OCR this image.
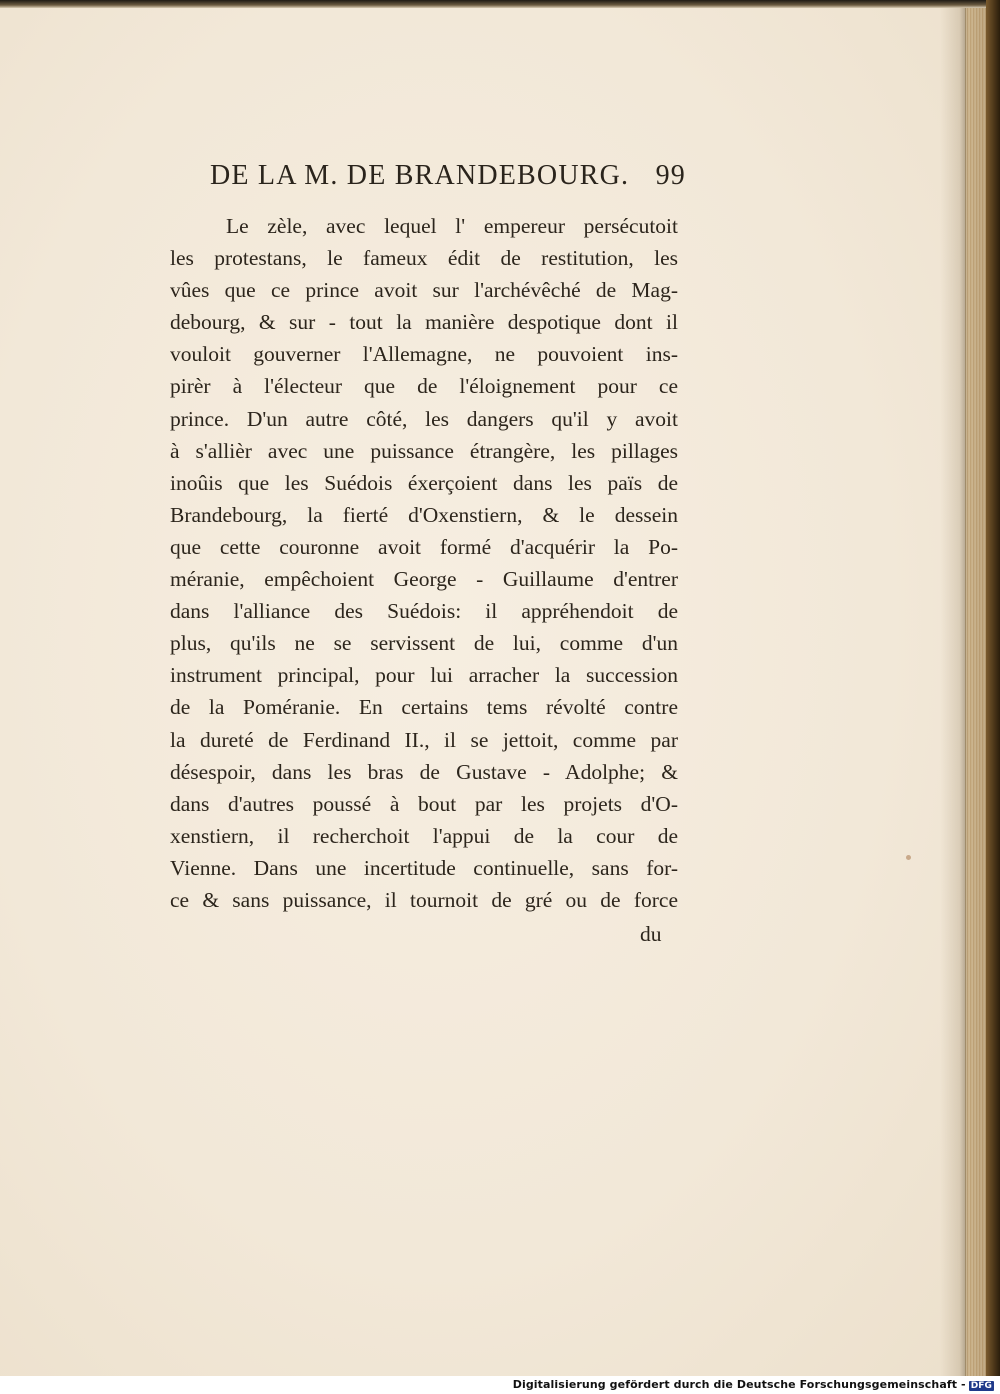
DE LA M. DE BRANDEBOURG. 99
Le zèle, avec lequel l' empereur persécutoit
les protestans, le fameux édit de restitution, les
vûes que ce prince avoit sur l'archévêché de Mag-
debourg, & sur - tout la manière despotique dont il
vouloit gouverner l'Allemagne, ne pouvoient ins-
pirèr à l'électeur que de l'éloignement pour ce
prince. D'un autre côté, les dangers qu'il y avoit
à s'allièr avec une puissance étrangère, les pillages
inoûis que les Suédois éxerçoient dans les païs de
Brandebourg, la fierté d'Oxenstiern, & le dessein
que cette couronne avoit formé d'acquérir la Po-
méranie, empêchoient George - Guillaume d'entrer
dans l'alliance des Suédois: il appréhendoit de
plus, qu'ils ne se servissent de lui, comme d'un
instrument principal, pour lui arracher la succession
de la Poméranie. En certains tems révolté contre
la dureté de Ferdinand II., il se jettoit, comme par
désespoir, dans les bras de Gustave - Adolphe; &
dans d'autres poussé à bout par les projets d'O-
xenstiern, il recherchoit l'appui de la cour de
Vienne. Dans une incertitude continuelle, sans for-
ce & sans puissance, il tournoit de gré ou de force
du
Digitalisierung gefördert durch die Deutsche Forschungsgemeinschaft - DFG
